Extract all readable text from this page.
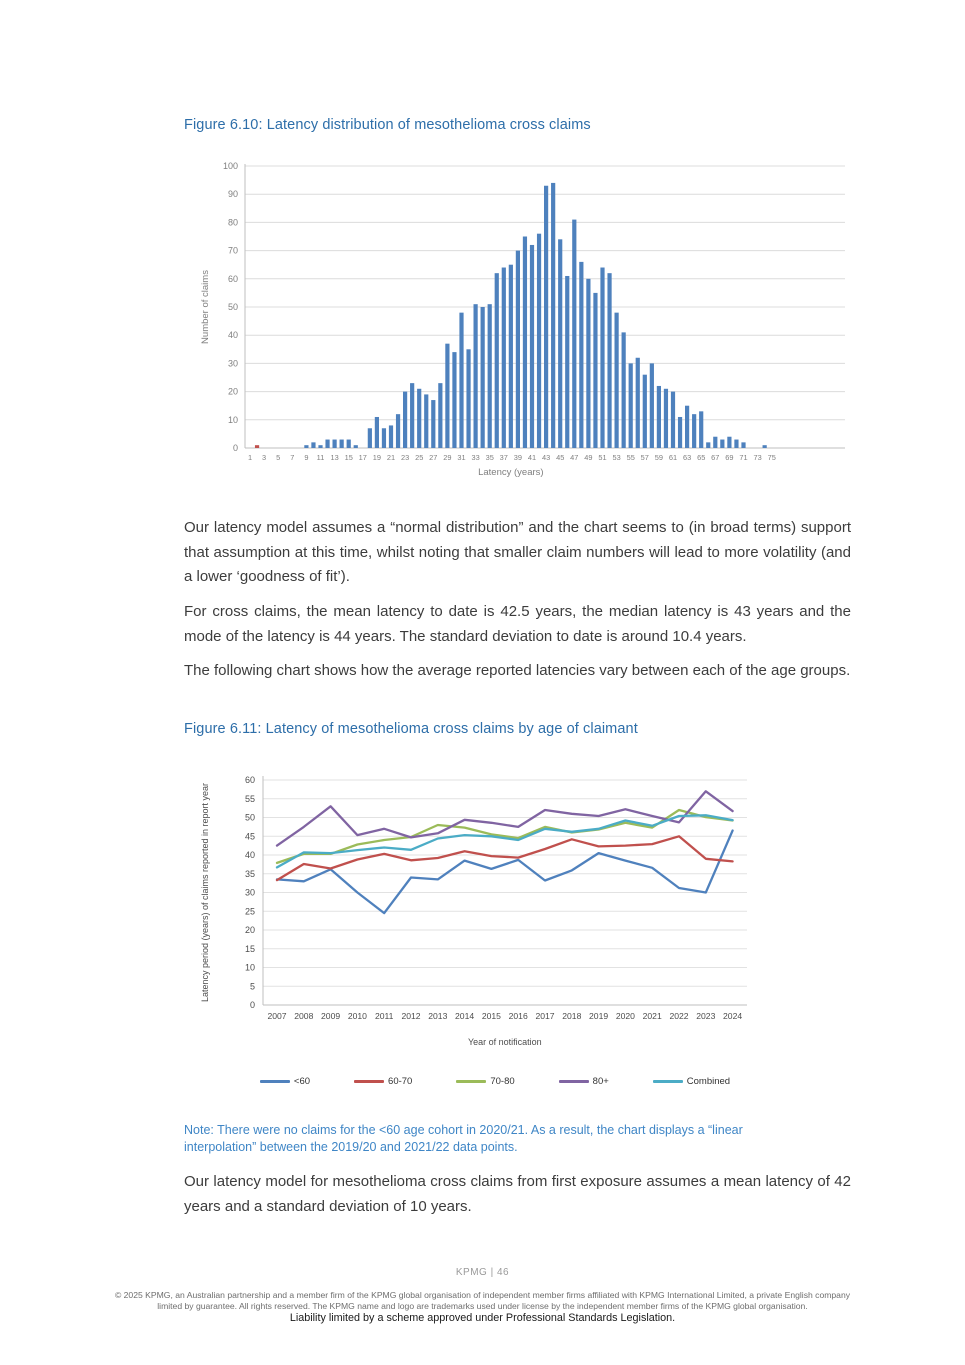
Figure 6.10: Latency distribution of mesothelioma cross claims
0
10
20
30
40
50
60
70
80
90
100
1 3 5 7 9 11 13 15 17 19 21 23 25 27 29 31 33 35 37 39 41 43 45 47 49 51 53 55 57 59 61 63 65 67 69 71 73 75
Latency (years)
Number of claims

Our latency model assumes a “normal distribution” and the chart seems to (in broad terms) support that assumption at this time, whilst noting that smaller claim numbers will lead to more volatility (and a lower ‘goodness of fit’).

For cross claims, the mean latency to date is 42.5 years, the median latency is 43 years and the mode of the latency is 44 years. The standard deviation to date is around 10.4 years.

The following chart shows how the average reported latencies vary between each of the age groups.

Figure 6.11: Latency of mesothelioma cross claims by age of claimant
0
5
10
15
20
25
30
35
40
45
50
55
60
2007 2008 2009 2010 2011 2012 2013 2014 2015 2016 2017 2018 2019 2020 2021 2022 2023 2024
Year of notification
Latency period (years) of claims reported in report year
<60	60-70	70-80	80+	Combined

Note: There were no claims for the <60 age cohort in 2020/21. As a result, the chart displays a “linear interpolation” between the 2019/20 and 2021/22 data points.

Our latency model for mesothelioma cross claims from first exposure assumes a mean latency of 42 years and a standard deviation of 10 years.

KPMG | 46

© 2025 KPMG, an Australian partnership and a member firm of the KPMG global organisation of independent member firms affiliated with KPMG International Limited, a private English company limited by guarantee. All rights reserved. The KPMG name and logo are trademarks used under license by the independent member firms of the KPMG global organisation.

Liability limited by a scheme approved under Professional Standards Legislation.
